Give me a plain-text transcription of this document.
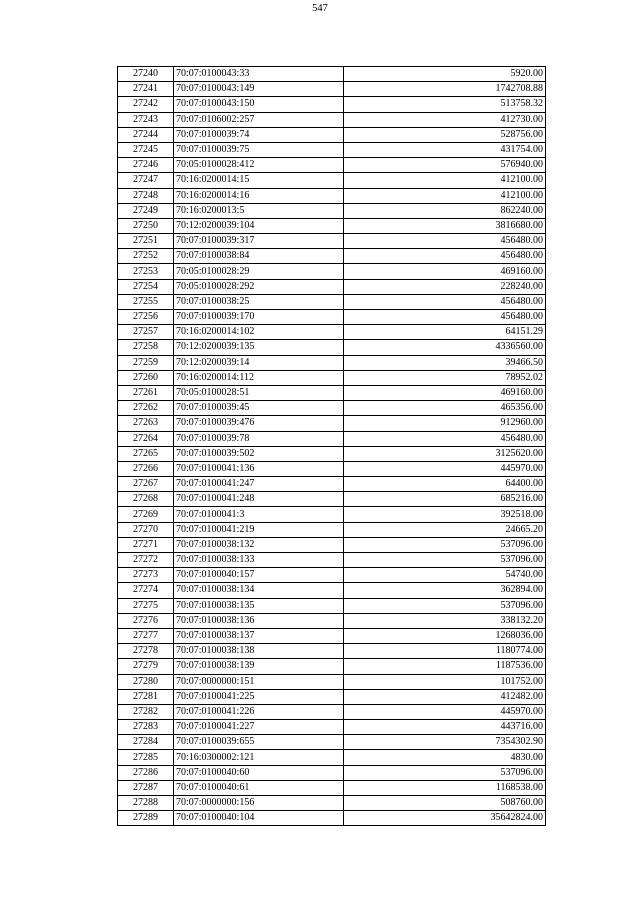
547
27240	70:07:0100043:33	5920.00
27241	70:07:0100043:149	1742708.88
27242	70:07:0100043:150	513758.32
27243	70:07:0106002:257	412730.00
27244	70:07:0100039:74	528756.00
27245	70:07:0100039:75	431754.00
27246	70:05:0100028:412	576940.00
27247	70:16:0200014:15	412100.00
27248	70:16:0200014:16	412100.00
27249	70:16:0200013:5	862240.00
27250	70:12:0200039:104	3816680.00
27251	70:07:0100039:317	456480.00
27252	70:07:0100038:84	456480.00
27253	70:05:0100028:29	469160.00
27254	70:05:0100028:292	228240.00
27255	70:07:0100038:25	456480.00
27256	70:07:0100039:170	456480.00
27257	70:16:0200014:102	64151.29
27258	70:12:0200039:135	4336560.00
27259	70:12:0200039:14	39466.50
27260	70:16:0200014:112	78952.02
27261	70:05:0100028:51	469160.00
27262	70:07:0100039:45	465356.00
27263	70:07:0100039:476	912960.00
27264	70:07:0100039:78	456480.00
27265	70:07:0100039:502	3125620.00
27266	70:07:0100041:136	445970.00
27267	70:07:0100041:247	64400.00
27268	70:07:0100041:248	685216.00
27269	70:07:0100041:3	392518.00
27270	70:07:0100041:219	24665.20
27271	70:07:0100038:132	537096.00
27272	70:07:0100038:133	537096.00
27273	70:07:0100040:157	54740.00
27274	70:07:0100038:134	362894.00
27275	70:07:0100038:135	537096.00
27276	70:07:0100038:136	338132.20
27277	70:07:0100038:137	1268036.00
27278	70:07:0100038:138	1180774.00
27279	70:07:0100038:139	1187536.00
27280	70:07:0000000:151	101752.00
27281	70:07:0100041:225	412482.00
27282	70:07:0100041:226	445970.00
27283	70:07:0100041:227	443716.00
27284	70:07:0100039:655	7354302.90
27285	70:16:0300002:121	4830.00
27286	70:07:0100040:60	537096.00
27287	70:07:0100040:61	1168538.00
27288	70:07:0000000:156	508760.00
27289	70:07:0100040:104	35642824.00
